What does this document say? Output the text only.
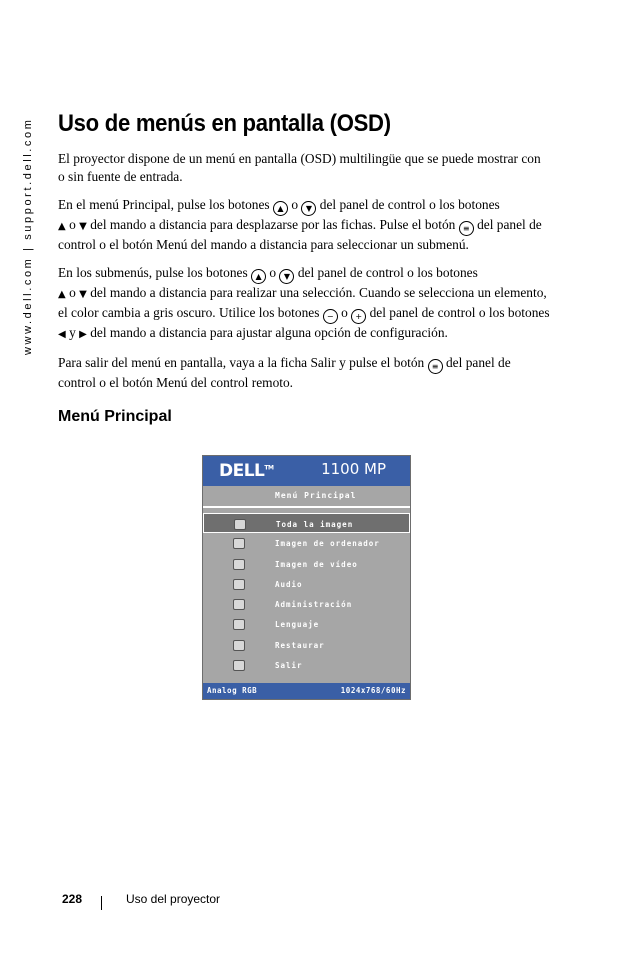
www.dell.com | support.dell.com Uso de menús en pantalla (OSD)

El proyector dispone de un menú en pantalla (OSD) multilingüe que se puede mostrar con o sin fuente de entrada.

En el menú Principal, pulse los botones ▲ o ▼ del panel de control o los botones
▲ o ▼ del mando a distancia para desplazarse por las fichas. Pulse el botón ≡ del panel de control o el botón Menú del mando a distancia para seleccionar un submenú.

En los submenús, pulse los botones ▲ o ▼ del panel de control o los botones
▲ o ▼ del mando a distancia para realizar una selección. Cuando se selecciona un elemento, el color cambia a gris oscuro. Utilice los botones − o + del panel de control o los botones ◀ y ▶ del mando a distancia para ajustar alguna opción de configuración.

Para salir del menú en pantalla, vaya a la ficha Salir y pulse el botón ≡ del panel de control o el botón Menú del control remoto.

Menú Principal
DELL™	1100 MP
Menú Principal
Toda la imagen
Imagen de ordenador
Imagen de vídeo
Audio
Administración
Lenguaje
Restaurar
Salir
Analog RGB	1024x768/60Hz
228	Uso del proyector
